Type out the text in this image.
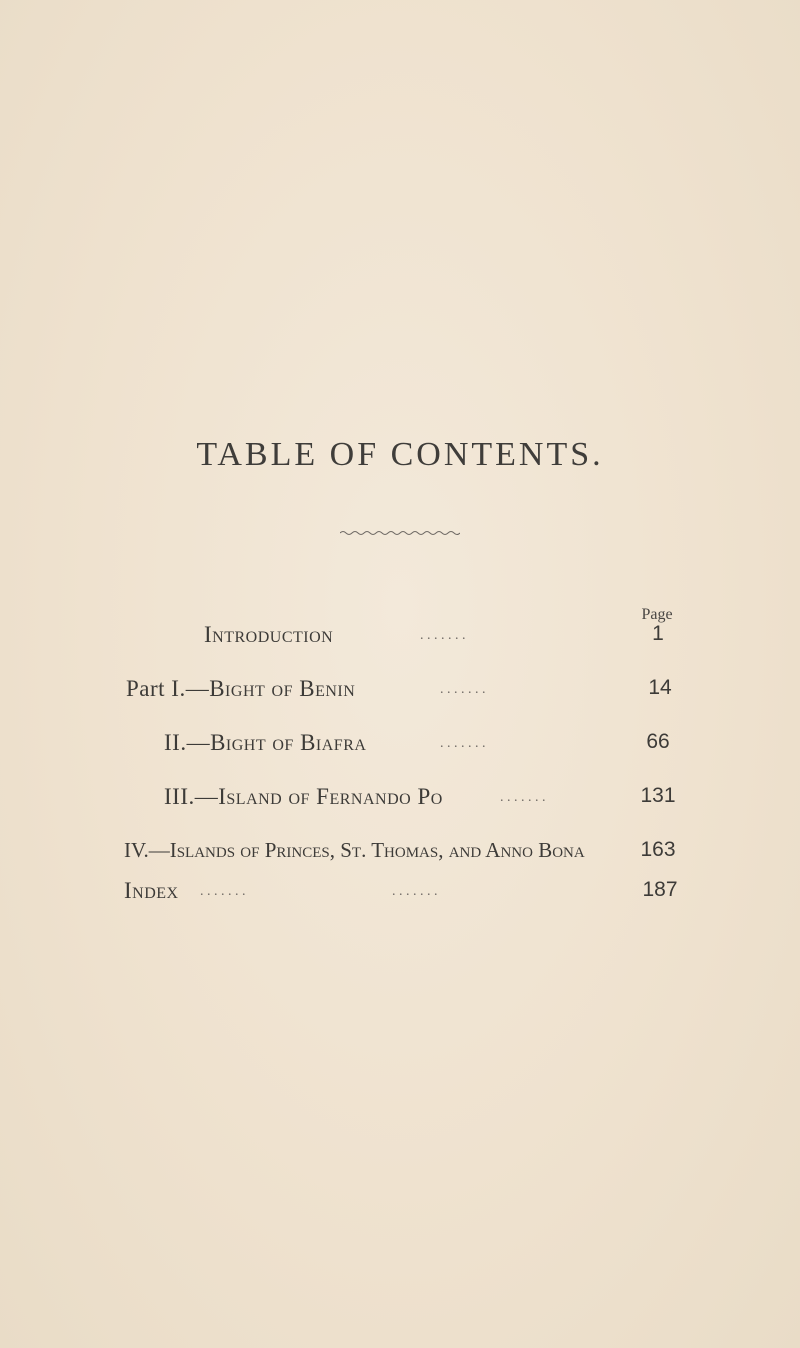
TABLE OF CONTENTS.
Page
Introduction	. . . . . . .	1
Part I.—Bight of Benin	. . . . . . .	14
II.—Bight of Biafra	. . . . . . .	66
III.—Island of Fernando Po	. . . . . . .	131
IV.—Islands of Princes, St. Thomas, and Anno Bona	163
Index . . . . . . .	. . . . . . .	187
